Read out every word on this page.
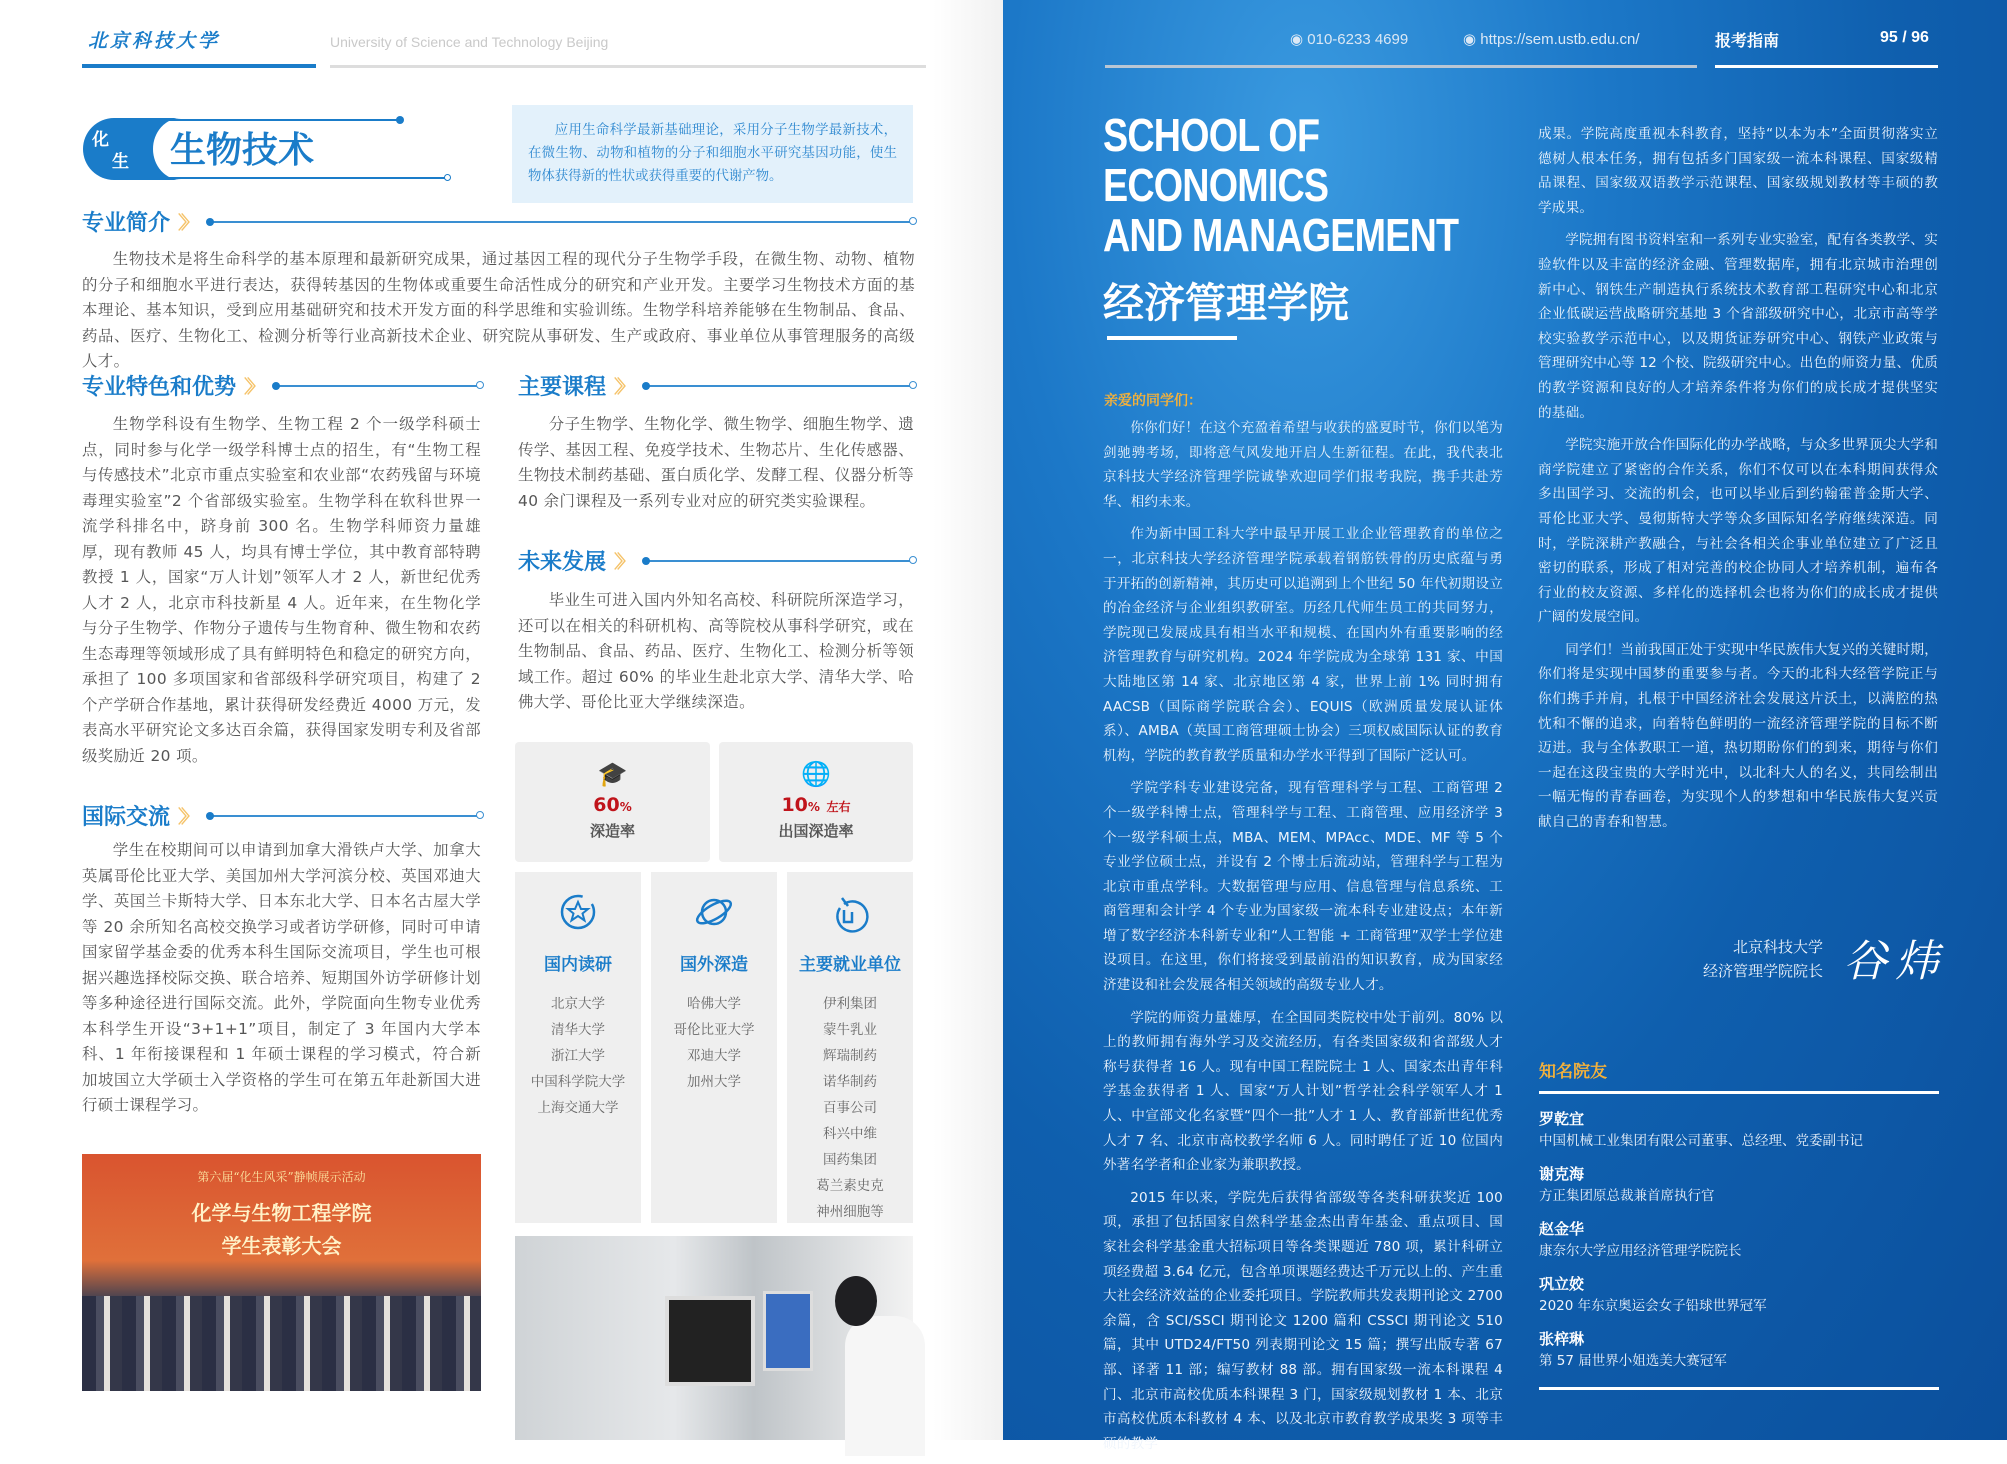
北京科技大学	University of Science and Technology Beijing
化
生 生物技术	应用生命科学最新基础理论，采用分子生物学最新技术，在微生物、动物和植物的分子和细胞水平研究基因功能，使生物体获得新的性状或获得重要的代谢产物。
专业简介 〉〉
生物技术是将生命科学的基本原理和最新研究成果，通过基因工程的现代分子生物学手段，在微生物、动物、植物的分子和细胞水平进行表达，获得转基因的生物体或重要生命活性成分的研究和产业开发。主要学习生物技术方面的基本理论、基本知识，受到应用基础研究和技术开发方面的科学思维和实验训练。生物学科培养能够在生物制品、食品、药品、医疗、生物化工、检测分析等行业高新技术企业、研究院从事研发、生产或政府、事业单位从事管理服务的高级人才。
专业特色和优势 〉〉
生物学科设有生物学、生物工程 2 个一级学科硕士点，同时参与化学一级学科博士点的招生，有“生物工程与传感技术”北京市重点实验室和农业部“农药残留与环境毒理实验室”2 个省部级实验室。生物学科在软科世界一流学科排名中，跻身前 300 名。生物学科师资力量雄厚，现有教师 45 人，均具有博士学位，其中教育部特聘教授 1 人，国家“万人计划”领军人才 2 人，新世纪优秀人才 2 人，北京市科技新星 4 人。近年来，在生物化学与分子生物学、作物分子遗传与生物育种、微生物和农药生态毒理等领域形成了具有鲜明特色和稳定的研究方向，承担了 100 多项国家和省部级科学研究项目，构建了 2 个产学研合作基地，累计获得研发经费近 4000 万元，发表高水平研究论文多达百余篇，获得国家发明专利及省部级奖励近 20 项。
主要课程 〉〉
分子生物学、生物化学、微生物学、细胞生物学、遗传学、基因工程、免疫学技术、生物芯片、生化传感器、生物技术制药基础、蛋白质化学、发酵工程、仪器分析等 40 余门课程及一系列专业对应的研究类实验课程。
未来发展 〉〉
毕业生可进入国内外知名高校、科研院所深造学习，还可以在相关的科研机构、高等院校从事科学研究，或在生物制品、食品、药品、医疗、生物化工、检测分析等领域工作。超过 60% 的毕业生赴北京大学、清华大学、哈佛大学、哥伦比亚大学继续深造。
国际交流 〉〉
学生在校期间可以申请到加拿大滑铁卢大学、加拿大英属哥伦比亚大学、美国加州大学河滨分校、英国邓迪大学、英国兰卡斯特大学、日本东北大学、日本名古屋大学等 20 余所知名高校交换学习或者访学研修，同时可申请国家留学基金委的优秀本科生国际交流项目，学生也可根据兴趣选择校际交换、联合培养、短期国外访学研修计划等多种途径进行国际交流。此外，学院面向生物专业优秀本科学生开设“3+1+1”项目，制定了 3 年国内大学本科、1 年衔接课程和 1 年硕士课程的学习模式，符合新加坡国立大学硕士入学资格的学生可在第五年赴新国大进行硕士课程学习。
🎓
60%
深造率
🌐
10% 左右
出国深造率
国内读研
北京大学
清华大学
浙江大学
中国科学院大学
上海交通大学
国外深造
哈佛大学
哥伦比亚大学
邓迪大学
加州大学
主要就业单位
伊利集团
蒙牛乳业
辉瑞制药
诺华制药
百事公司
科兴中维
国药集团
葛兰素史克
神州细胞等
第六届“化生风采”静帧展示活动
化学与生物工程学院
学生表彰大会
◉ 010-6233 4699	◉ https://sem.ustb.edu.cn/	报考指南	95 / 96
SCHOOL OF
ECONOMICS
AND MANAGEMENT
经济管理学院
亲爱的同学们：

你你们好！在这个充盈着希望与收获的盛夏时节，你们以笔为剑驰骋考场，即将意气风发地开启人生新征程。在此，我代表北京科技大学经济管理学院诚挚欢迎同学们报考我院，携手共赴芳华、相约未来。

作为新中国工科大学中最早开展工业企业管理教育的单位之一，北京科技大学经济管理学院承载着钢筋铁骨的历史底蕴与勇于开拓的创新精神，其历史可以追溯到上个世纪 50 年代初期设立的冶金经济与企业组织教研室。历经几代师生员工的共同努力，学院现已发展成具有相当水平和规模、在国内外有重要影响的经济管理教育与研究机构。2024 年学院成为全球第 131 家、中国大陆地区第 14 家、北京地区第 4 家，世界上前 1% 同时拥有 AACSB（国际商学院联合会）、EQUIS（欧洲质量发展认证体系）、AMBA（英国工商管理硕士协会）三项权威国际认证的教育机构，学院的教育教学质量和办学水平得到了国际广泛认可。

学院学科专业建设完备，现有管理科学与工程、工商管理 2 个一级学科博士点，管理科学与工程、工商管理、应用经济学 3 个一级学科硕士点，MBA、MEM、MPAcc、MDE、MF 等 5 个专业学位硕士点，并设有 2 个博士后流动站，管理科学与工程为北京市重点学科。大数据管理与应用、信息管理与信息系统、工商管理和会计学 4 个专业为国家级一流本科专业建设点；本年新增了数字经济本科新专业和“人工智能 + 工商管理”双学士学位建设项目。在这里，你们将接受到最前沿的知识教育，成为国家经济建设和社会发展各相关领域的高级专业人才。

学院的师资力量雄厚，在全国同类院校中处于前列。80% 以上的教师拥有海外学习及交流经历，有各类国家级和省部级人才称号获得者 16 人。现有中国工程院院士 1 人、国家杰出青年科学基金获得者 1 人、国家“万人计划”哲学社会科学领军人才 1 人、中宣部文化名家暨“四个一批”人才 1 人、教育部新世纪优秀人才 7 名、北京市高校教学名师 6 人。同时聘任了近 10 位国内外著名学者和企业家为兼职教授。

2015 年以来，学院先后获得省部级等各类科研获奖近 100 项，承担了包括国家自然科学基金杰出青年基金、重点项目、国家社会科学基金重大招标项目等各类课题近 780 项，累计科研立项经费超 3.64 亿元，包含单项课题经费达千万元以上的、产生重大社会经济效益的企业委托项目。学院教师共发表期刊论文 2700 余篇，含 SCI/SSCI 期刊论文 1200 篇和 CSSCI 期刊论文 510 篇，其中 UTD24/FT50 列表期刊论文 15 篇；撰写出版专著 67 部、译著 11 部；编写教材 88 部。拥有国家级一流本科课程 4 门、北京市高校优质本科课程 3 门，国家级规划教材 1 本、北京市高校优质本科教材 4 本、以及北京市教育教学成果奖 3 项等丰硕的教学

成果。学院高度重视本科教育，坚持“以本为本”全面贯彻落实立德树人根本任务，拥有包括多门国家级一流本科课程、国家级精品课程、国家级双语教学示范课程、国家级规划教材等丰硕的教学成果。

学院拥有图书资料室和一系列专业实验室，配有各类教学、实验软件以及丰富的经济金融、管理数据库，拥有北京城市治理创新中心、钢铁生产制造执行系统技术教育部工程研究中心和北京企业低碳运营战略研究基地 3 个省部级研究中心，北京市高等学校实验教学示范中心，以及期货证券研究中心、钢铁产业政策与管理研究中心等 12 个校、院级研究中心。出色的师资力量、优质的教学资源和良好的人才培养条件将为你们的成长成才提供坚实的基础。

学院实施开放合作国际化的办学战略，与众多世界顶尖大学和商学院建立了紧密的合作关系，你们不仅可以在本科期间获得众多出国学习、交流的机会，也可以毕业后到约翰霍普金斯大学、哥伦比亚大学、曼彻斯特大学等众多国际知名学府继续深造。同时，学院深耕产教融合，与社会各相关企事业单位建立了广泛且密切的联系，形成了相对完善的校企协同人才培养机制，遍布各行业的校友资源、多样化的选择机会也将为你们的成长成才提供广阔的发展空间。

同学们！当前我国正处于实现中华民族伟大复兴的关键时期，你们将是实现中国梦的重要参与者。今天的北科大经管学院正与你们携手并肩，扎根于中国经济社会发展这片沃土，以满腔的热忱和不懈的追求，向着特色鲜明的一流经济管理学院的目标不断迈进。我与全体教职工一道，热切期盼你们的到来，期待与你们一起在这段宝贵的大学时光中，以北科大人的名义，共同绘制出一幅无悔的青春画卷，为实现个人的梦想和中华民族伟大复兴贡献自己的青春和智慧。

北京科技大学
经济管理学院院长 谷炜
知名院友
罗乾宜
中国机械工业集团有限公司董事、总经理、党委副书记
谢克海
方正集团原总裁兼首席执行官
赵金华
康奈尔大学应用经济管理学院院长
巩立姣
2020 年东京奥运会女子铅球世界冠军
张梓琳
第 57 届世界小姐选美大赛冠军
